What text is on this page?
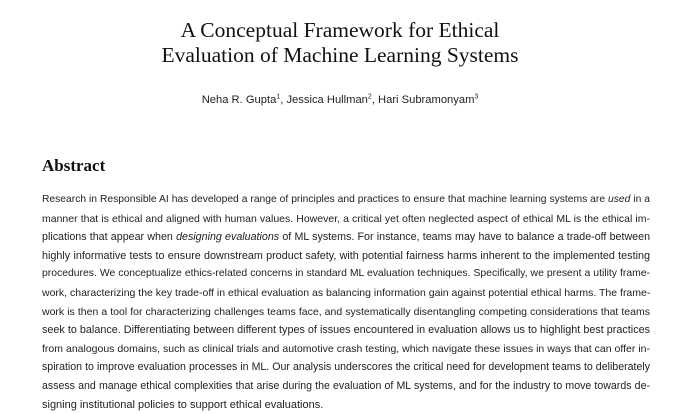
A Conceptual Framework for Ethical
Evaluation of Machine Learning Systems
Neha R. Gupta$^1$, Jessica Hullman$^2$, Hari Subramonyam$^3$
Abstract
Research in Responsible AI has developed a range of principles and practices to ensure that machine learning systems are used in a
manner that is ethical and aligned with human values. However, a critical yet often neglected aspect of ethical ML is the ethical im-
plications that appear when designing evaluations of ML systems. For instance, teams may have to balance a trade-off between
highly informative tests to ensure downstream product safety, with potential fairness harms inherent to the implemented testing
procedures. We conceptualize ethics-related concerns in standard ML evaluation techniques. Specifically, we present a utility frame-
work, characterizing the key trade-off in ethical evaluation as balancing information gain against potential ethical harms. The frame-
work is then a tool for characterizing challenges teams face, and systematically disentangling competing considerations that teams
seek to balance. Differentiating between different types of issues encountered in evaluation allows us to highlight best practices
from analogous domains, such as clinical trials and automotive crash testing, which navigate these issues in ways that can offer in-
spiration to improve evaluation processes in ML. Our analysis underscores the critical need for development teams to deliberately
assess and manage ethical complexities that arise during the evaluation of ML systems, and for the industry to move towards de-
signing institutional policies to support ethical evaluations.
